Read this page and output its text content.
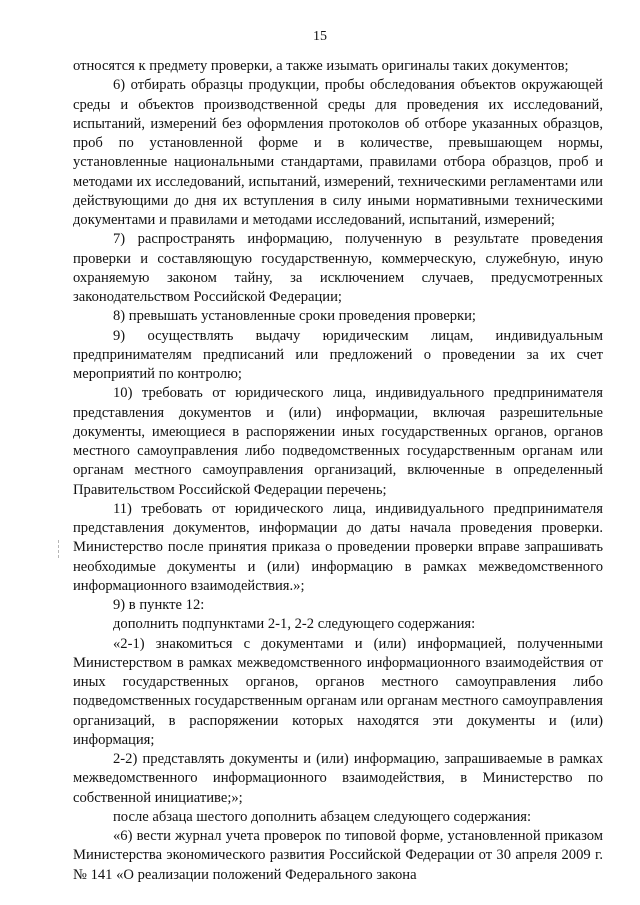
15

относятся к предмету проверки, а также изымать оригиналы таких документов;

6) отбирать образцы продукции, пробы обследования объектов окружающей среды и объектов производственной среды для проведения их исследований, испытаний, измерений без оформления протоколов об отборе указанных образцов, проб по установленной форме и в количестве, превышающем нормы, установленные национальными стандартами, правилами отбора образцов, проб и методами их исследований, испытаний, измерений, техническими регламентами или действующими до дня их вступления в силу иными нормативными техническими документами и правилами и методами исследований, испытаний, измерений;

7) распространять информацию, полученную в результате проведения проверки и составляющую государственную, коммерческую, служебную, иную охраняемую законом тайну, за исключением случаев, предусмотренных законодательством Российской Федерации;

8) превышать установленные сроки проведения проверки;

9) осуществлять выдачу юридическим лицам, индивидуальным предпринимателям предписаний или предложений о проведении за их счет мероприятий по контролю;

10) требовать от юридического лица, индивидуального предпринимателя представления документов и (или) информации, включая разрешительные документы, имеющиеся в распоряжении иных государственных органов, органов местного самоуправления либо подведомственных государственным органам или органам местного самоуправления организаций, включенные в определенный Правительством Российской Федерации перечень;

11) требовать от юридического лица, индивидуального предпринимателя представления документов, информации до даты начала проведения проверки. Министерство после принятия приказа о проведении проверки вправе запрашивать необходимые документы и (или) информацию в рамках межведомственного информационного взаимодействия.»;

9) в пункте 12:

дополнить подпунктами 2-1, 2-2 следующего содержания:

«2-1) знакомиться с документами и (или) информацией, полученными Министерством в рамках межведомственного информационного взаимодействия от иных государственных органов, органов местного самоуправления либо подведомственных государственным органам или органам местного самоуправления организаций, в распоряжении которых находятся эти документы и (или) информация;

2-2) представлять документы и (или) информацию, запрашиваемые в рамках межведомственного информационного взаимодействия, в Министерство по собственной инициативе;»;

после абзаца шестого дополнить абзацем следующего содержания:

«6) вести журнал учета проверок по типовой форме, установленной приказом Министерства экономического развития Российской Федерации от 30 апреля 2009 г. № 141 «О реализации положений Федерального закона
